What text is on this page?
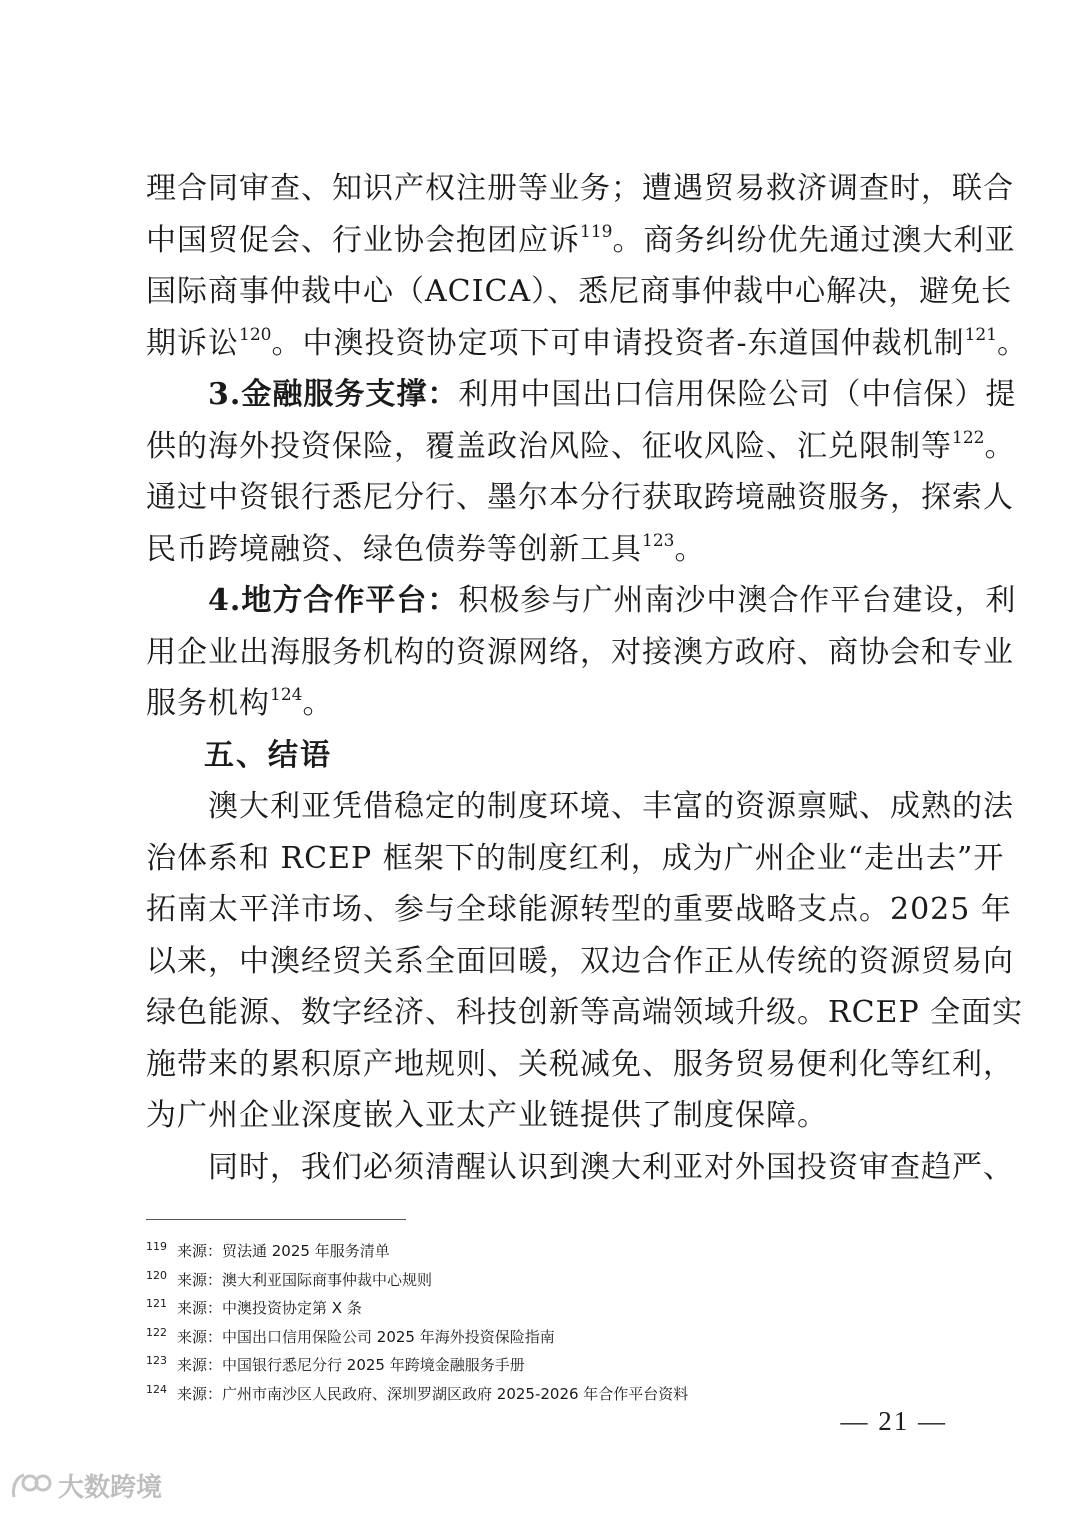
理合同审查、知识产权注册等业务；遭遇贸易救济调查时，联合
中国贸促会、行业协会抱团应诉$^{119}$。商务纠纷优先通过澳大利亚
国际商事仲裁中心（ACICA）、悉尼商事仲裁中心解决，避免长
期诉讼$^{120}$。中澳投资协定项下可申请投资者-东道国仲裁机制$^{121}$。
3.金融服务支撑：利用中国出口信用保险公司（中信保）提
供的海外投资保险，覆盖政治风险、征收风险、汇兑限制等$^{122}$。
通过中资银行悉尼分行、墨尔本分行获取跨境融资服务，探索人
民币跨境融资、绿色债券等创新工具$^{123}$。
4.地方合作平台：积极参与广州南沙中澳合作平台建设，利
用企业出海服务机构的资源网络，对接澳方政府、商协会和专业
服务机构$^{124}$。
五、结语
澳大利亚凭借稳定的制度环境、丰富的资源禀赋、成熟的法
治体系和 RCEP 框架下的制度红利，成为广州企业“走出去”开
拓南太平洋市场、参与全球能源转型的重要战略支点。2025 年
以来，中澳经贸关系全面回暖，双边合作正从传统的资源贸易向
绿色能源、数字经济、科技创新等高端领域升级。RCEP 全面实
施带来的累积原产地规则、关税减免、服务贸易便利化等红利，
为广州企业深度嵌入亚太产业链提供了制度保障。
同时，我们必须清醒认识到澳大利亚对外国投资审查趋严、
$^{119}$ 来源：贸法通 2025 年服务清单
$^{120}$ 来源：澳大利亚国际商事仲裁中心规则
$^{121}$ 来源：中澳投资协定第 X 条
$^{122}$ 来源：中国出口信用保险公司 2025 年海外投资保险指南
$^{123}$ 来源：中国银行悉尼分行 2025 年跨境金融服务手册
$^{124}$ 来源：广州市南沙区人民政府、深圳罗湖区政府 2025-2026 年合作平台资料
— 21 —
大数跨境
